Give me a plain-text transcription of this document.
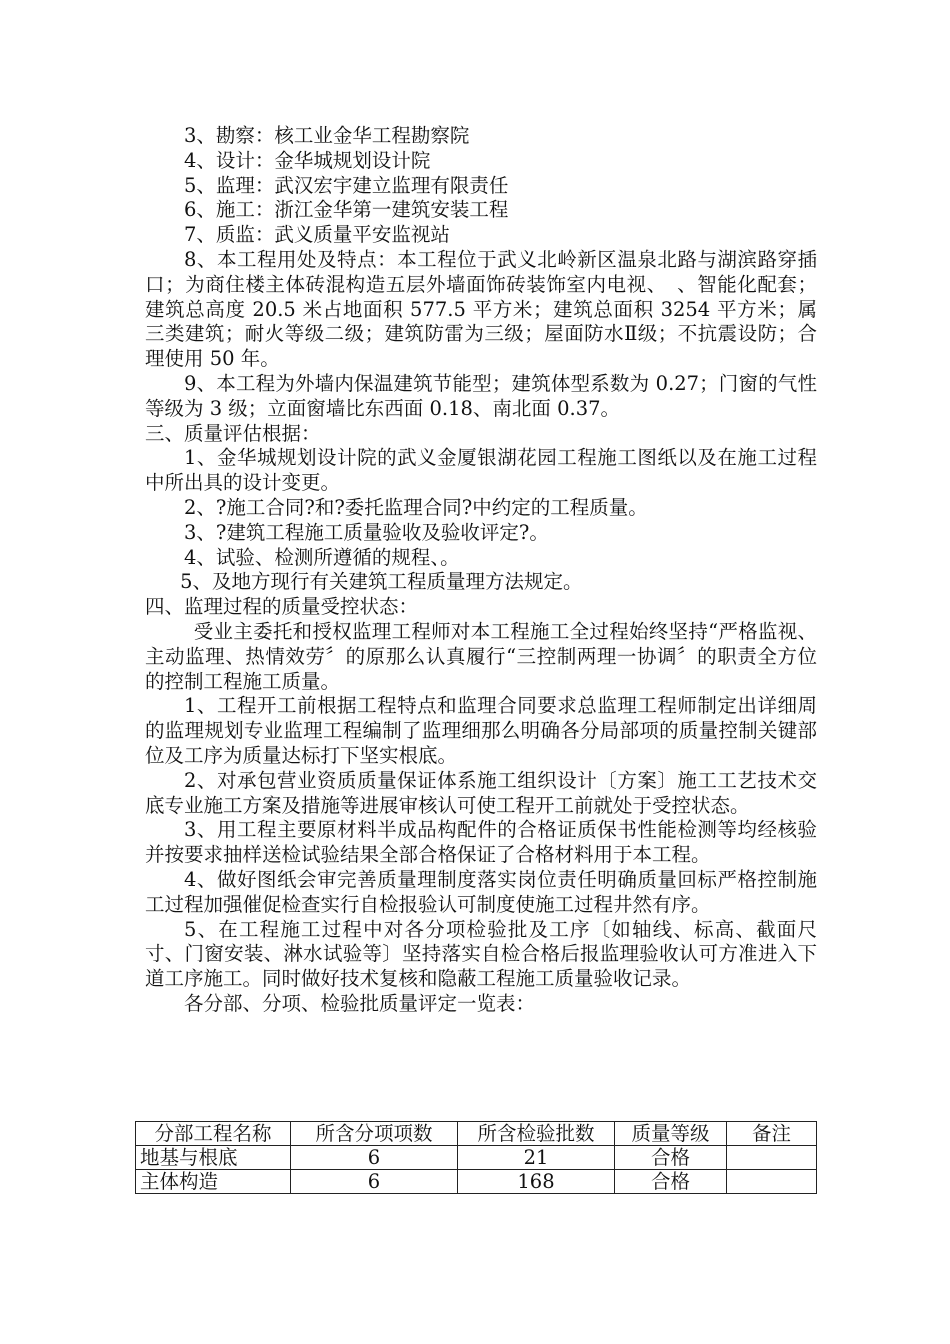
3、勘察：核工业金华工程勘察院

4、设计：金华城规划设计院

5、监理：武汉宏宇建立监理有限责任

6、施工：浙江金华第一建筑安装工程

7、质监：武义质量平安监视站

8、本工程用处及特点：本工程位于武义北岭新区温泉北路与湖滨路穿插口；为商住楼主体砖混构造五层外墙面饰砖装饰室内电视、　、智能化配套；建筑总高度 20.5 米占地面积 577.5 平方米；建筑总面积 3254 平方米；属三类建筑；耐火等级二级；建筑防雷为三级；屋面防水Ⅱ级；不抗震设防；合理使用 50 年。

9、本工程为外墙内保温建筑节能型；建筑体型系数为 0.27；门窗的气性等级为 3 级；立面窗墙比东西面 0.18、南北面 0.37。

三、质量评估根据：

1、金华城规划设计院的武义金厦银湖花园工程施工图纸以及在施工过程中所出具的设计变更。

2、?施工合同?和?委托监理合同?中约定的工程质量。

3、?建筑工程施工质量验收及验收评定?。

4、试验、检测所遵循的规程、。

5、及地方现行有关建筑工程质量理方法规定。

四、监理过程的质量受控状态：

受业主委托和授权监理工程师对本工程施工全过程始终坚持“严格监视、主动监理、热情效劳〞的原那么认真履行“三控制两理一协调〞的职责全方位的控制工程施工质量。

1、工程开工前根据工程特点和监理合同要求总监理工程师制定出详细周的监理规划专业监理工程编制了监理细那么明确各分局部项的质量控制关键部位及工序为质量达标打下坚实根底。

2、对承包营业资质质量保证体系施工组织设计〔方案〕施工工艺技术交底专业施工方案及措施等进展审核认可使工程开工前就处于受控状态。

3、用工程主要原材料半成品构配件的合格证质保书性能检测等均经核验并按要求抽样送检试验结果全部合格保证了合格材料用于本工程。

4、做好图纸会审完善质量理制度落实岗位责任明确质量回标严格控制施工过程加强催促检查实行自检报验认可制度使施工过程井然有序。

5、在工程施工过程中对各分项检验批及工序〔如轴线、标高、截面尺寸、门窗安装、淋水试验等〕坚持落实自检合格后报监理验收认可方准进入下道工序施工。同时做好技术复核和隐蔽工程施工质量验收记录。

各分部、分项、检验批质量评定一览表：

分部工程名称	所含分项项数	所含检验批数	质量等级	备注
地基与根底	6	21	合格	
主体构造	6	168	合格	
